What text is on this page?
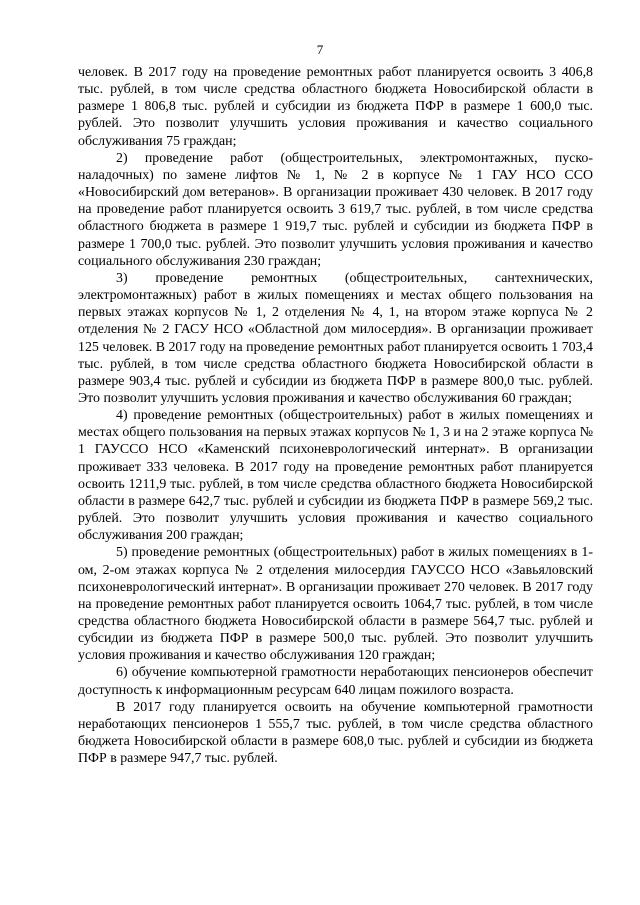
7

человек. В 2017 году на проведение ремонтных работ планируется освоить 3 406,8 тыс. рублей, в том числе средства областного бюджета Новосибирской области в размере 1 806,8 тыс. рублей и субсидии из бюджета ПФР в размере 1 600,0 тыс. рублей. Это позволит улучшить условия проживания и качество социального обслуживания 75 граждан;

2) проведение работ (общестроительных, электромонтажных, пуско-наладочных) по замене лифтов № 1, № 2 в корпусе № 1 ГАУ НСО ССО «Новосибирский дом ветеранов». В организации проживает 430 человек. В 2017 году на проведение работ планируется освоить 3 619,7 тыс. рублей, в том числе средства областного бюджета в размере 1 919,7 тыс. рублей и субсидии из бюджета ПФР в размере 1 700,0 тыс. рублей. Это позволит улучшить условия проживания и качество социального обслуживания 230 граждан;

3) проведение ремонтных (общестроительных, сантехнических, электромонтажных) работ в жилых помещениях и местах общего пользования на первых этажах корпусов № 1, 2 отделения № 4, 1, на втором этаже корпуса № 2 отделения № 2 ГАСУ НСО «Областной дом милосердия». В организации проживает 125 человек. В 2017 году на проведение ремонтных работ планируется освоить 1 703,4 тыс. рублей, в том числе средства областного бюджета Новосибирской области в размере 903,4 тыс. рублей и субсидии из бюджета ПФР в размере 800,0 тыс. рублей. Это позволит улучшить условия проживания и качество обслуживания 60 граждан;

4) проведение ремонтных (общестроительных) работ в жилых помещениях и местах общего пользования на первых этажах корпусов № 1, 3 и на 2 этаже корпуса № 1 ГАУССО НСО «Каменский психоневрологический интернат». В организации проживает 333 человека. В 2017 году на проведение ремонтных работ планируется освоить 1211,9 тыс. рублей, в том числе средства областного бюджета Новосибирской области в размере 642,7 тыс. рублей и субсидии из бюджета ПФР в размере 569,2 тыс. рублей. Это позволит улучшить условия проживания и качество социального обслуживания 200 граждан;

5) проведение ремонтных (общестроительных) работ в жилых помещениях в 1-ом, 2-ом этажах корпуса № 2 отделения милосердия ГАУССО НСО «Завьяловский психоневрологический интернат». В организации проживает 270 человек. В 2017 году на проведение ремонтных работ планируется освоить 1064,7 тыс. рублей, в том числе средства областного бюджета Новосибирской области в размере 564,7 тыс. рублей и субсидии из бюджета ПФР в размере 500,0 тыс. рублей. Это позволит улучшить условия проживания и качество обслуживания 120 граждан;

6) обучение компьютерной грамотности неработающих пенсионеров обеспечит доступность к информационным ресурсам 640 лицам пожилого возраста.

В 2017 году планируется освоить на обучение компьютерной грамотности неработающих пенсионеров 1 555,7 тыс. рублей, в том числе средства областного бюджета Новосибирской области в размере 608,0 тыс. рублей и субсидии из бюджета ПФР в размере 947,7 тыс. рублей.
